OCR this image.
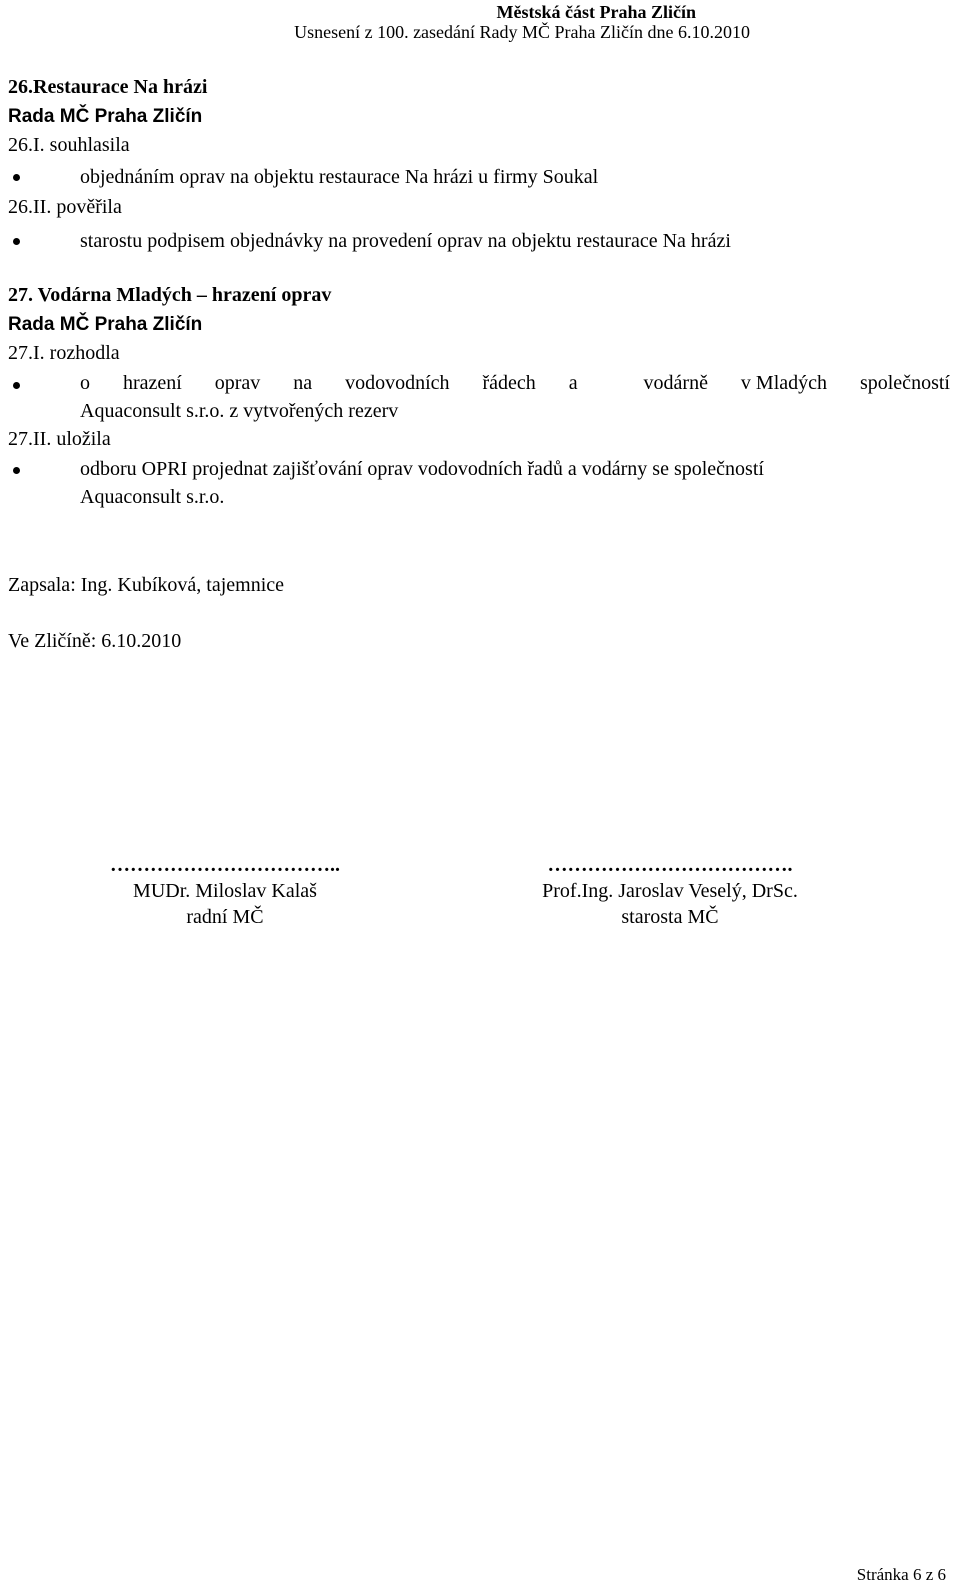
Městská část Praha Zličín
Usnesení z 100. zasedání Rady MČ Praha Zličín dne 6.10.2010
26.Restaurace Na hrázi
Rada MČ Praha Zličín
26.I. souhlasila
objednáním oprav na objektu restaurace Na hrázi u firmy Soukal
26.II. pověřila
starostu podpisem objednávky na provedení oprav na objektu restaurace Na hrázi
27. Vodárna Mladých – hrazení oprav
Rada MČ Praha Zličín
27.I. rozhodla
o hrazení oprav na vodovodních řádech a	vodárně v Mladých společností
Aquaconsult s.r.o. z vytvořených rezerv
27.II. uložila
odboru OPRI projednat zajišťování oprav vodovodních řadů a vodárny se společností
Aquaconsult s.r.o.
Zapsala: Ing. Kubíková, tajemnice
Ve Zličíně: 6.10.2010
……………………………..
MUDr. Miloslav Kalaš
radní MČ
……………………………….
Prof.Ing. Jaroslav Veselý, DrSc.
starosta MČ
Stránka 6 z 6
